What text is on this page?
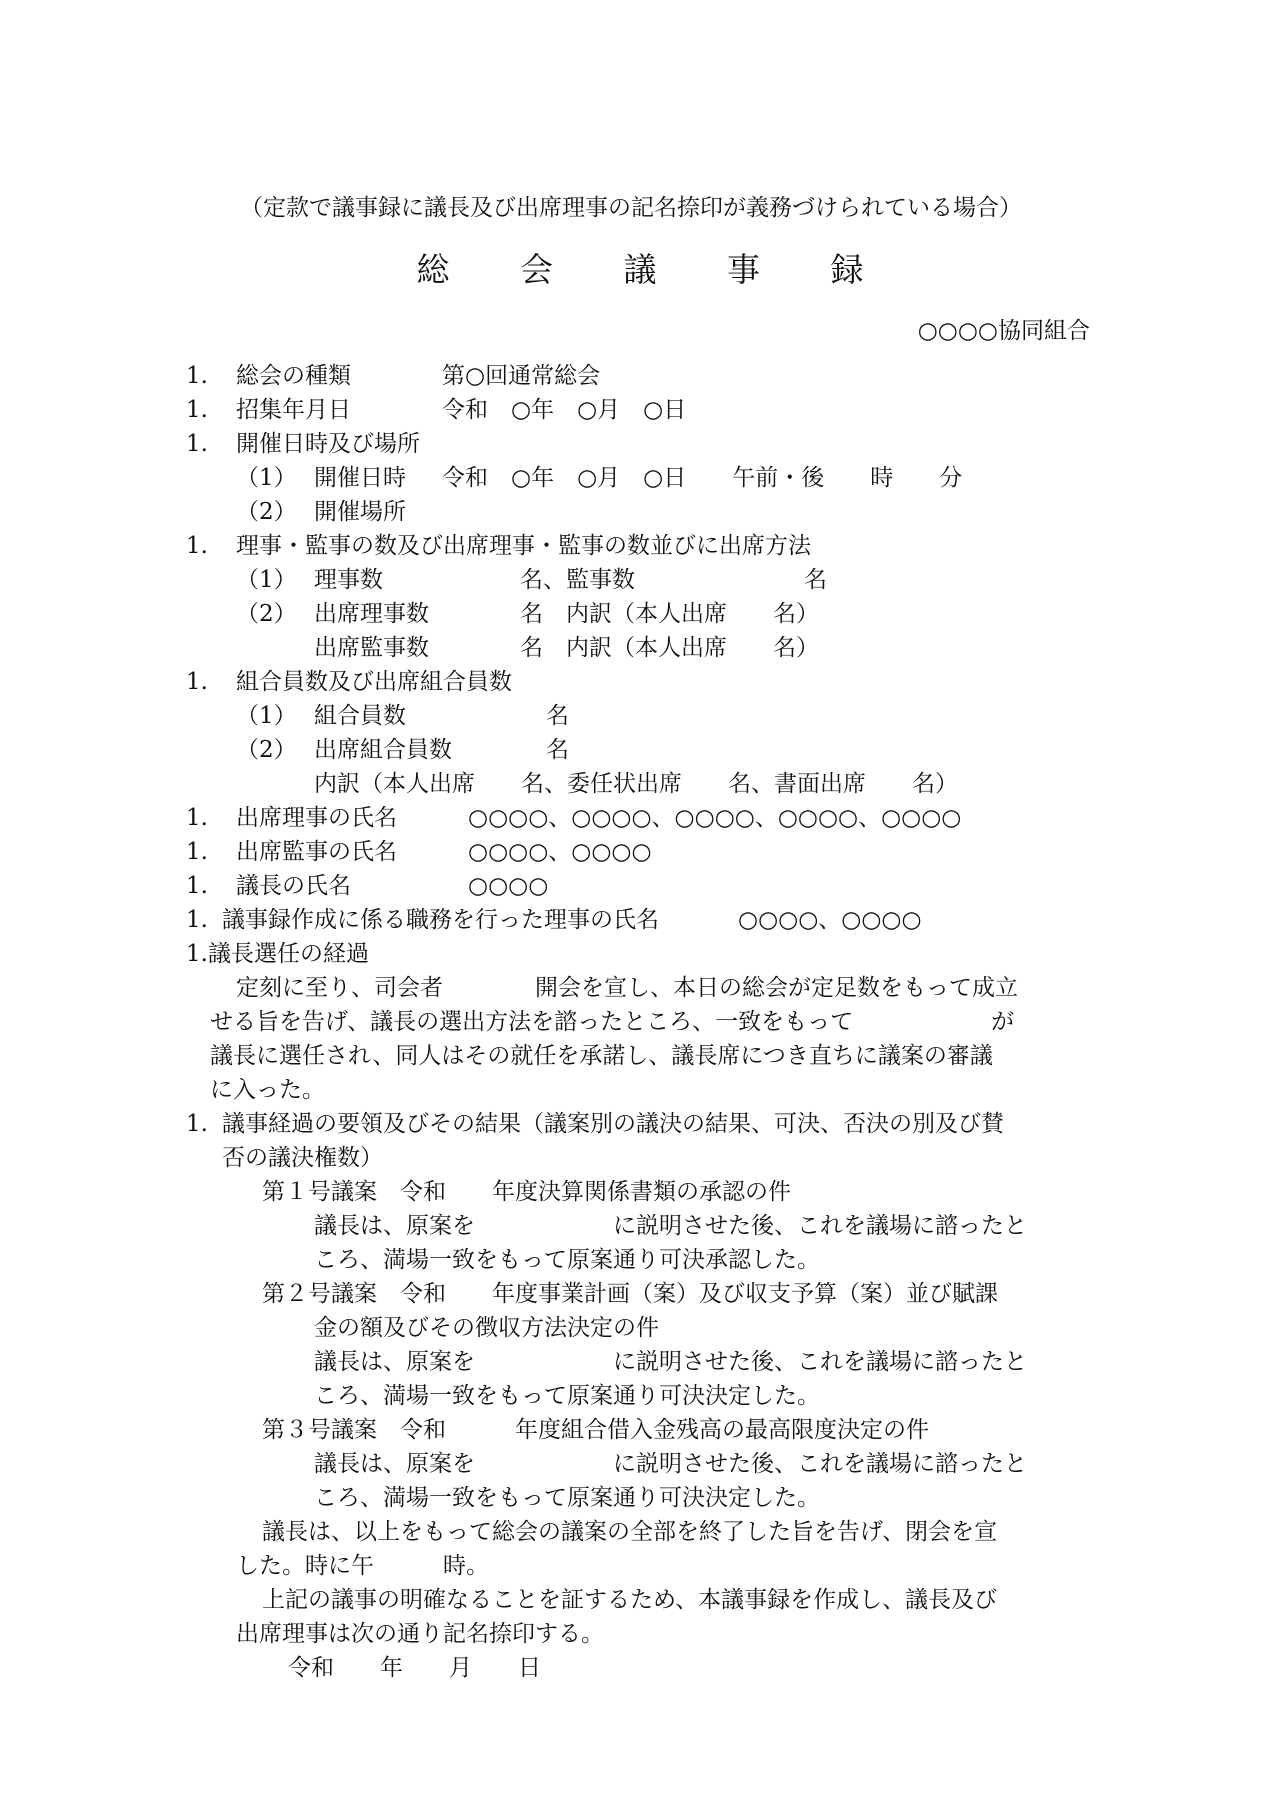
（定款で議事録に議長及び出席理事の記名捺印が義務づけられている場合）
総 会 議 事 録
○○○○協同組合
1. 総会の種類	第○回通常総会
1. 招集年月日	令和　○年　○月　○日
1. 開催日時及び場所
（1） 開催日時 令和　○年　○月　○日　　午前・後　　時　　分
（2） 開催場所
1. 理事・監事の数及び出席理事・監事の数並びに出席方法
（1） 理事数	名、監事数	名
（2） 出席理事数	名　内訳（本人出席　　名）
出席監事数	名　内訳（本人出席　　名）
1. 組合員数及び出席組合員数
（1） 組合員数	名
（2） 出席組合員数	名
内訳（本人出席　　名、委任状出席　　名、書面出席　　名）
1. 出席理事の氏名	○○○○、○○○○、○○○○、○○○○、○○○○
1. 出席監事の氏名	○○○○、○○○○
1. 議長の氏名	○○○○
1. 議事録作成に係る職務を行った理事の氏名	○○○○、○○○○
1.議長選任の経過
定刻に至り、司会者　　　　開会を宣し、本日の総会が定足数をもって成立
せる旨を告げ、議長の選出方法を諮ったところ、一致をもって　　　　　　が
議長に選任され、同人はその就任を承諾し、議長席につき直ちに議案の審議
に入った。
1. 議事経過の要領及びその結果（議案別の議決の結果、可決、否決の別及び賛
否の議決権数）
第１号議案　令和　　年度決算関係書類の承認の件
議長は、原案を　　　　　　に説明させた後、これを議場に諮ったと
ころ、満場一致をもって原案通り可決承認した。
第２号議案　令和　　年度事業計画（案）及び収支予算（案）並び賦課
金の額及びその徴収方法決定の件
議長は、原案を　　　　　　に説明させた後、これを議場に諮ったと
ころ、満場一致をもって原案通り可決決定した。
第３号議案　令和　　　年度組合借入金残高の最高限度決定の件
議長は、原案を　　　　　　に説明させた後、これを議場に諮ったと
ころ、満場一致をもって原案通り可決決定した。
議長は、以上をもって総会の議案の全部を終了した旨を告げ、閉会を宣
した。時に午　　　時。
上記の議事の明確なることを証するため、本議事録を作成し、議長及び
出席理事は次の通り記名捺印する。
令和　　年　　月　　日
